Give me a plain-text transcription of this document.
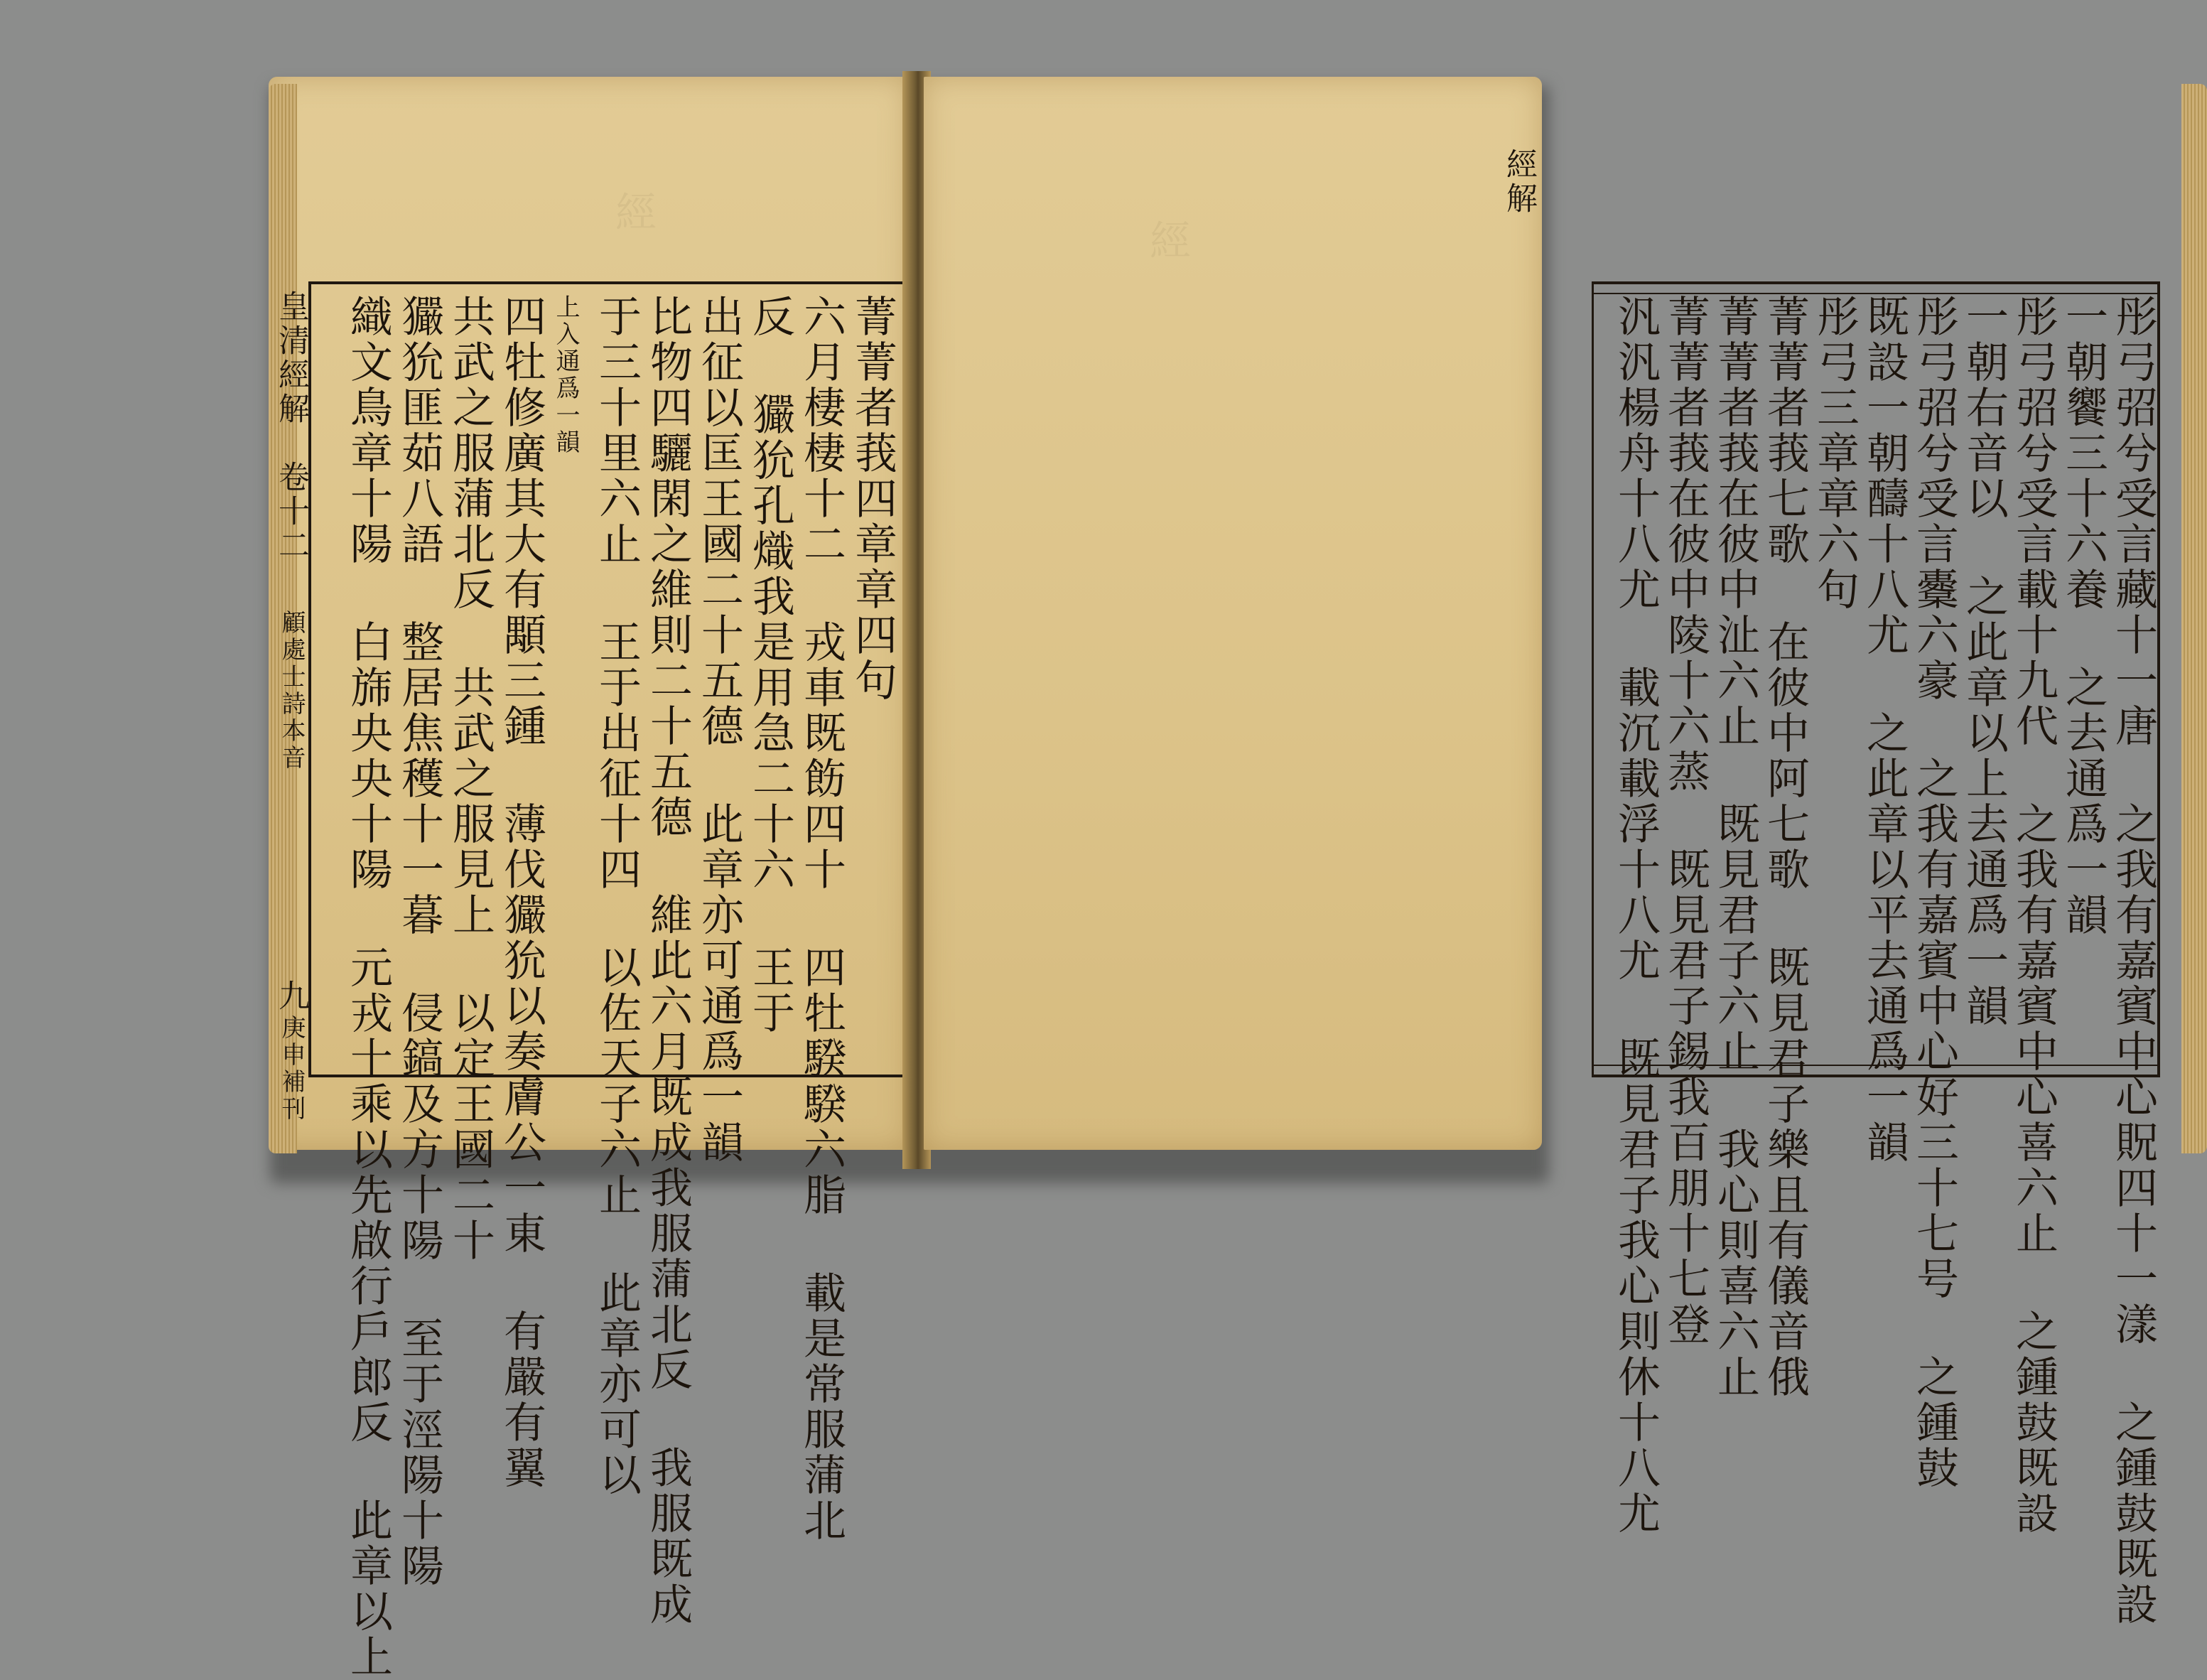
經
菁菁者莪四章章四句
六月棲棲十二 戎車既飭四十 四牡騤騤六脂 載是常服蒲北
反 玁狁孔熾我是用急二十六 王于
出征以匡王國二十五德 此章亦可通爲一韻
比物四驪閑之維則二十五德 維此六月既成我服蒲北反 我服既成
于三十里六止 王于出征十四 以佐天子六止 此章亦可以
上入通爲一韻
四牡修廣其大有顒三鍾 薄伐玁狁以奏膚公一東 有嚴有翼
共武之服蒲北反 共武之服見上 以定王國二十
玁狁匪茹八語 整居焦穫十一暮 侵鎬及方十陽 至于涇陽十陽
織文鳥章十陽 白旆央央十陽 元戎十乘以先啟行戶郎反 此章以上
皇清經解
卷十二
顧處士詩本音
九
庚申補刊
經
彤弓弨兮受言藏十一唐 之我有嘉賓中心貺四十一漾 之鍾鼓既設
一朝饗三十六養 之去通爲一韻
彤弓弨兮受言載十九代 之我有嘉賓中心喜六止 之鍾鼓既設
一朝右音以 之此章以上去通爲一韻
彤弓弨兮受言櫜六豪 之我有嘉賓中心好三十七号 之鍾鼓
既設一朝醻十八尤 之此章以平去通爲一韻
彤弓三章章六句
菁菁者莪七歌 在彼中阿七歌 既見君子樂且有儀音俄
菁菁者莪在彼中沚六止 既見君子六止 我心則喜六止
菁菁者莪在彼中陵十六蒸 既見君子錫我百朋十七登
汎汎楊舟十八尤 載沉載浮十八尤 既見君子我心則休十八尤
經解
